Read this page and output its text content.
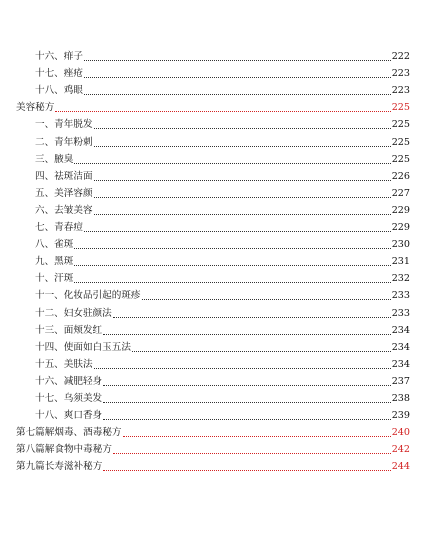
十六、痱子	222
十七、痤疮	223
十八、鸡眼	223
美容秘方	225
一、青年脱发	225
二、青年粉刺	225
三、腋臭	225
四、祛斑洁面	226
五、美泽容颜	227
六、去皱美容	229
七、青春痘	229
八、雀斑	230
九、黑斑	231
十、汗斑	232
十一、化妆品引起的斑疹	233
十二、妇女驻颜法	233
十三、面颊发红	234
十四、使面如白玉五法	234
十五、美肤法	234
十六、减肥轻身	237
十七、乌须美发	238
十八、爽口香身	239
第七篇解烟毒、酒毒秘方	240
第八篇解食物中毒秘方	242
第九篇长寿滋补秘方	244
